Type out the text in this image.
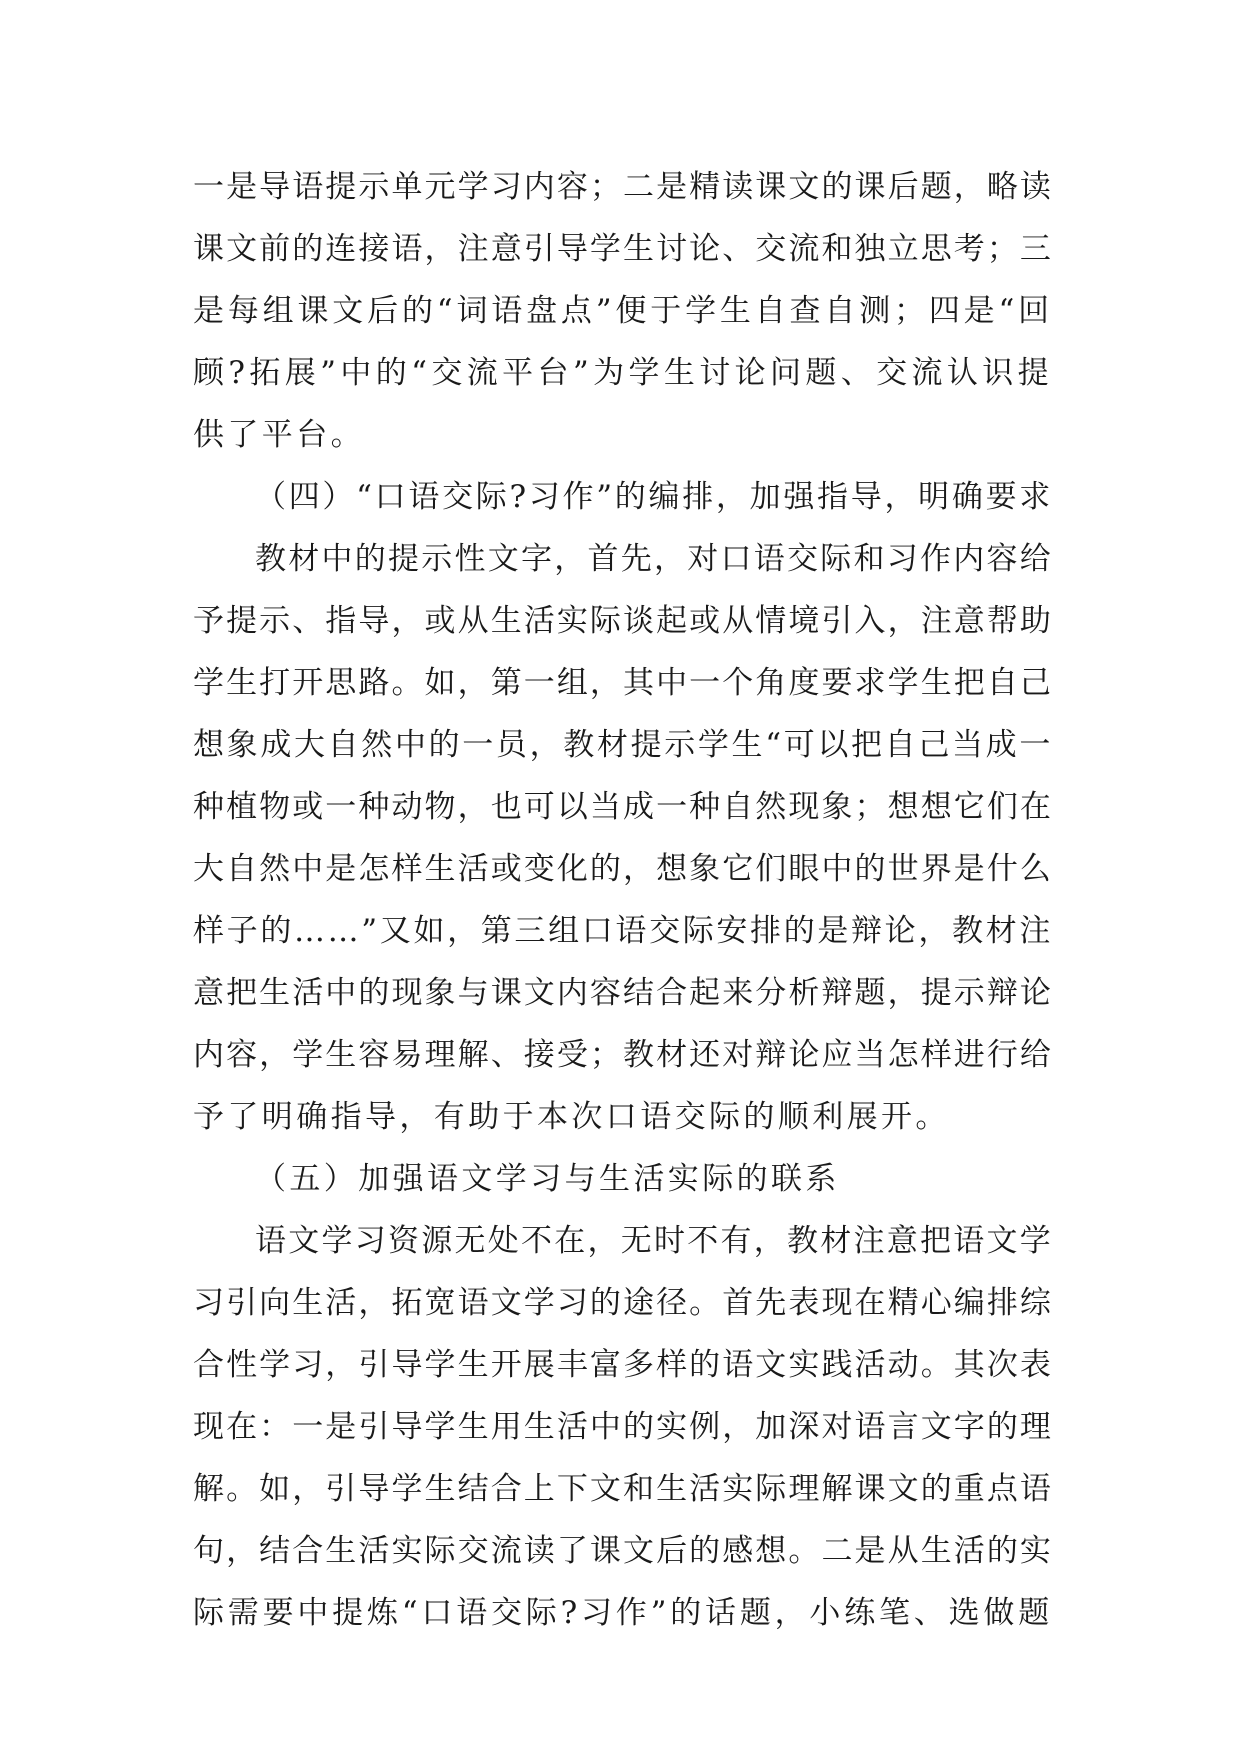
一是导语提示单元学习内容；二是精读课文的课后题，略读
课文前的连接语，注意引导学生讨论、交流和独立思考；三
是每组课文后的“词语盘点”便于学生自查自测；四是“回
顾?拓展”中的“交流平台”为学生讨论问题、交流认识提
供了平台。
（四）“口语交际?习作”的编排，加强指导，明确要求
教材中的提示性文字，首先，对口语交际和习作内容给
予提示、指导，或从生活实际谈起或从情境引入，注意帮助
学生打开思路。如，第一组，其中一个角度要求学生把自己
想象成大自然中的一员，教材提示学生“可以把自己当成一
种植物或一种动物，也可以当成一种自然现象；想想它们在
大自然中是怎样生活或变化的，想象它们眼中的世界是什么
样子的……”又如，第三组口语交际安排的是辩论，教材注
意把生活中的现象与课文内容结合起来分析辩题，提示辩论
内容，学生容易理解、接受；教材还对辩论应当怎样进行给
予了明确指导，有助于本次口语交际的顺利展开。
（五）加强语文学习与生活实际的联系
语文学习资源无处不在，无时不有，教材注意把语文学
习引向生活，拓宽语文学习的途径。首先表现在精心编排综
合性学习，引导学生开展丰富多样的语文实践活动。其次表
现在：一是引导学生用生活中的实例，加深对语言文字的理
解。如，引导学生结合上下文和生活实际理解课文的重点语
句，结合生活实际交流读了课文后的感想。二是从生活的实
际需要中提炼“口语交际?习作”的话题，小练笔、选做题
